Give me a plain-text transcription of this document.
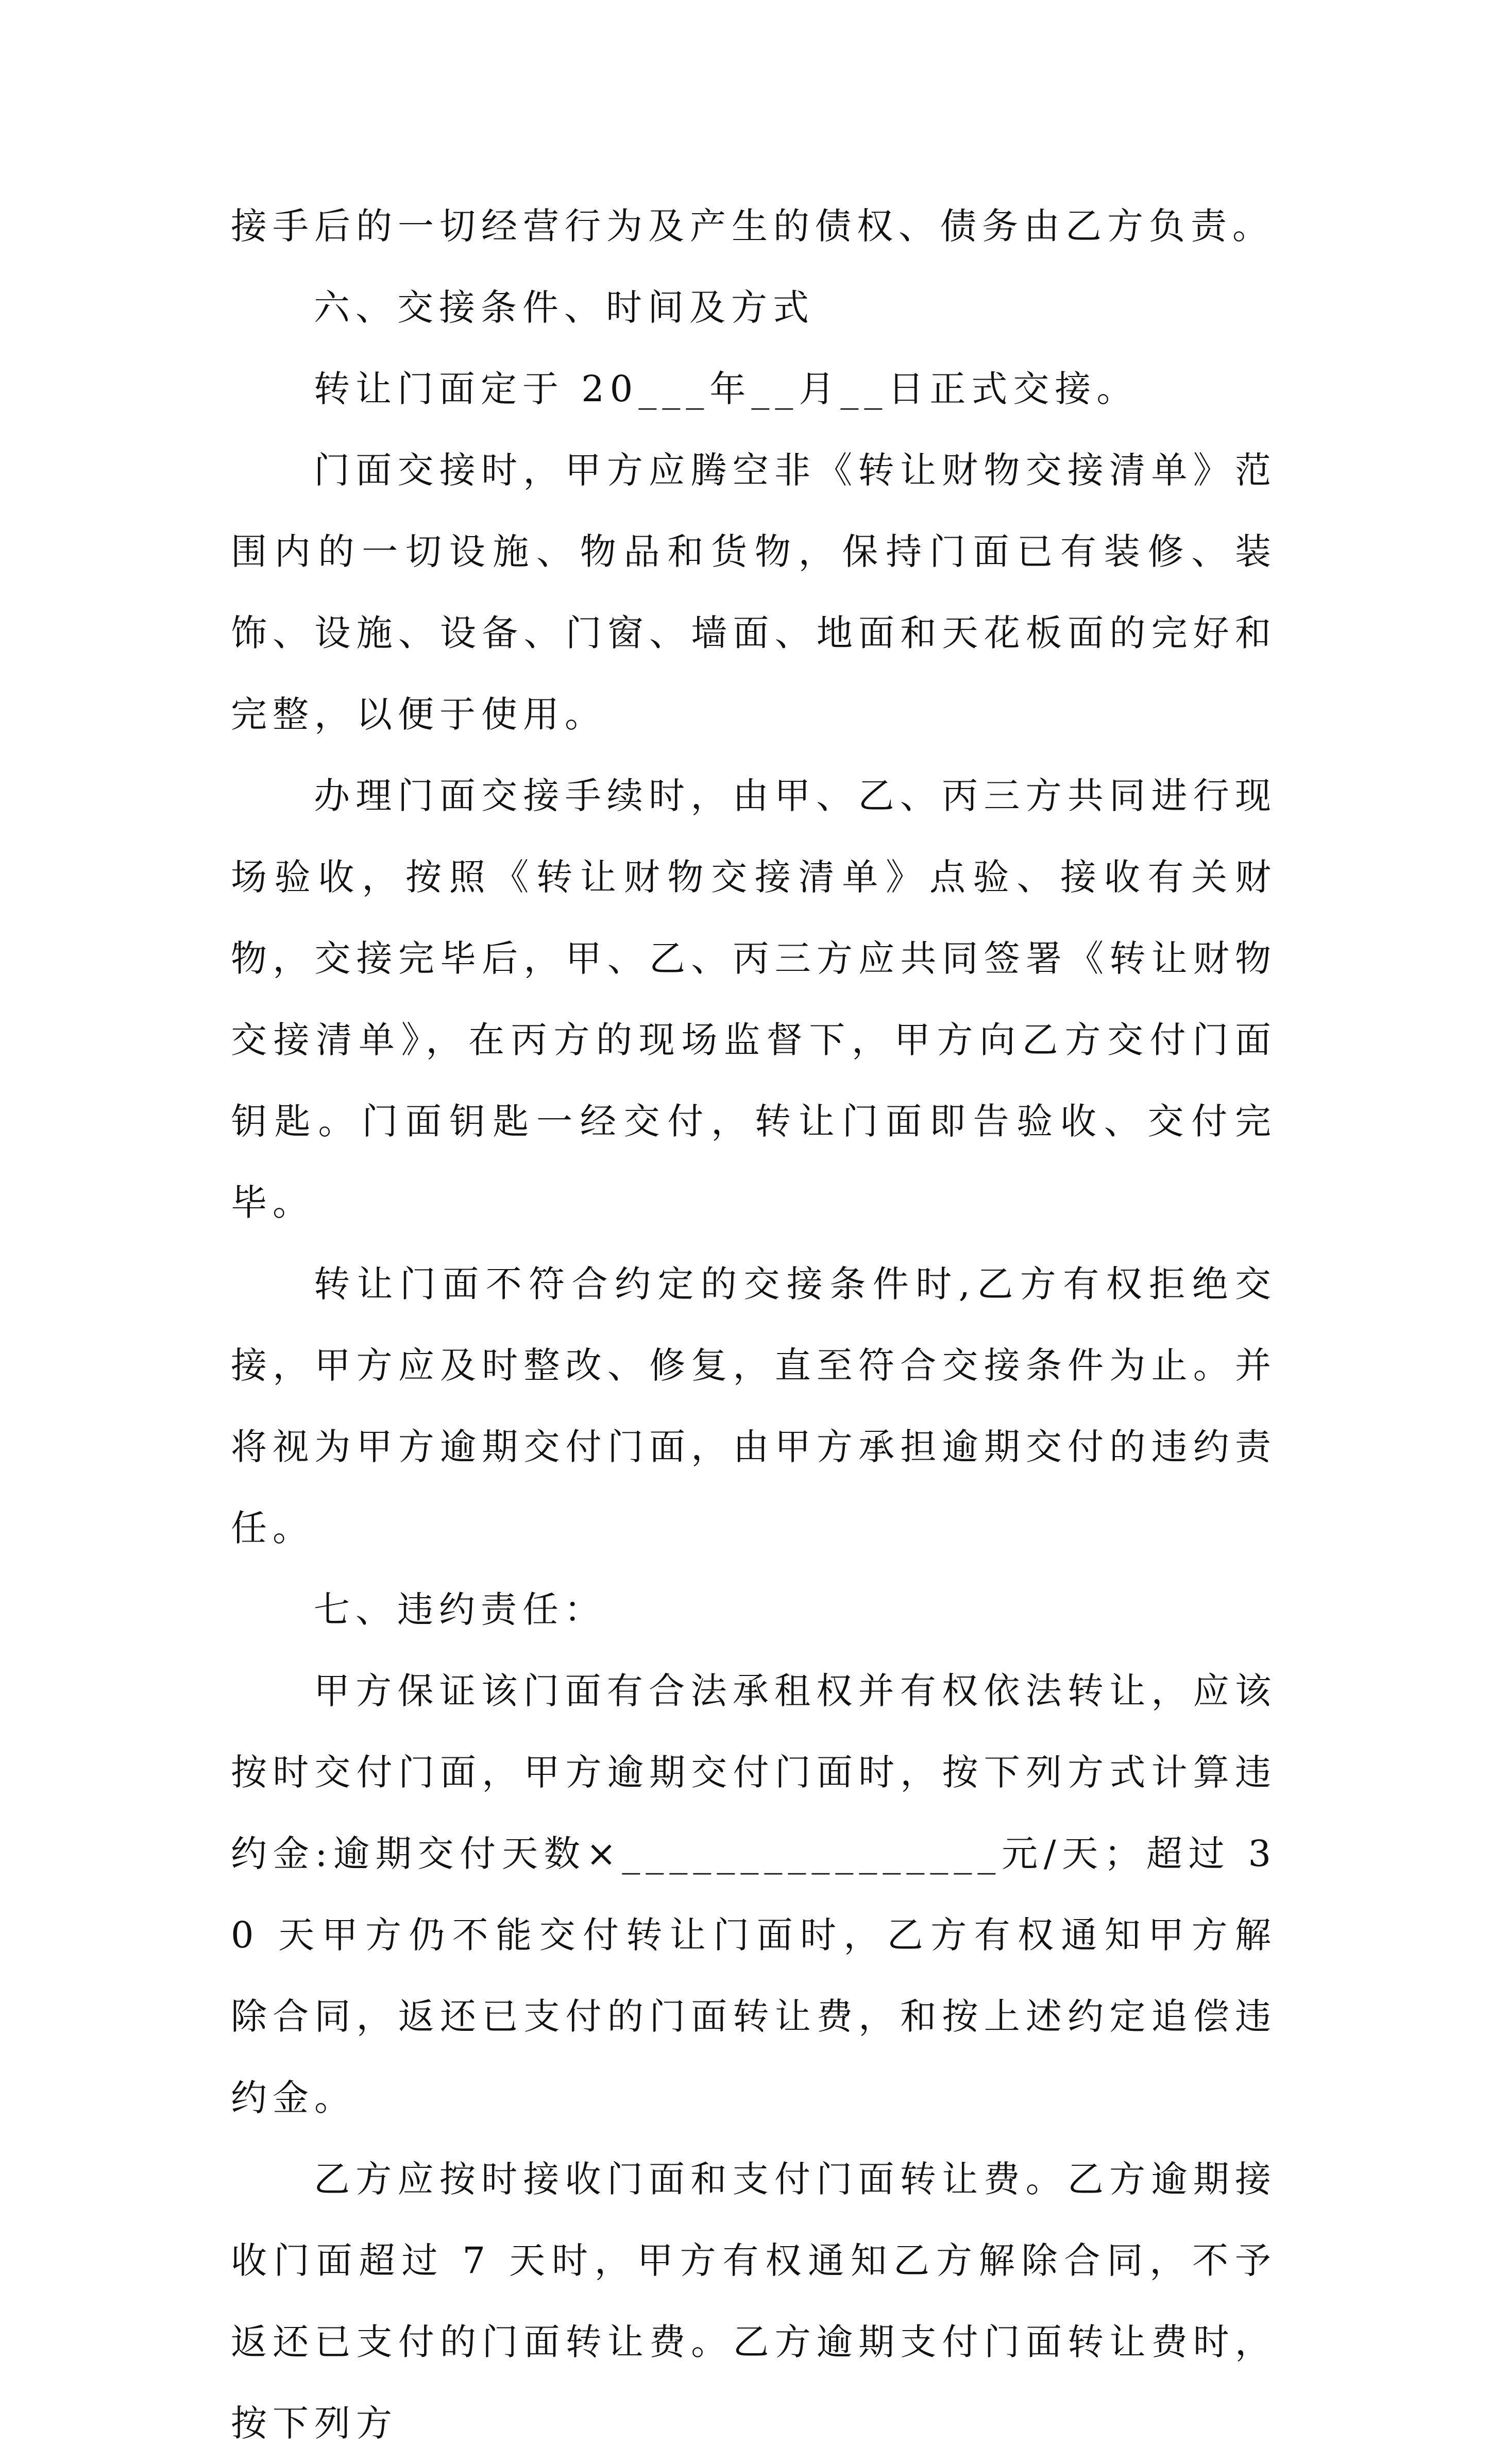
接手后的一切经营行为及产生的债权、债务由乙方负责。

六、交接条件、时间及方式

转让门面定于 20___年__月__日正式交接。

门面交接时，甲方应腾空非《转让财物交接清单》范围内的一切设施、物品和货物，保持门面已有装修、装饰、设施、设备、门窗、墙面、地面和天花板面的完好和完整，以便于使用。

办理门面交接手续时，由甲、乙、丙三方共同进行现场验收，按照《转让财物交接清单》点验、接收有关财物，交接完毕后，甲、乙、丙三方应共同签署《转让财物交接清单》，在丙方的现场监督下，甲方向乙方交付门面钥匙。门面钥匙一经交付，转让门面即告验收、交付完毕。

转让门面不符合约定的交接条件时,乙方有权拒绝交接，甲方应及时整改、修复，直至符合交接条件为止。并将视为甲方逾期交付门面，由甲方承担逾期交付的违约责任。

七、违约责任：

甲方保证该门面有合法承租权并有权依法转让，应该按时交付门面，甲方逾期交付门面时，按下列方式计算违约金:逾期交付天数×________________元/天；超过 30 天甲方仍不能交付转让门面时，乙方有权通知甲方解除合同，返还已支付的门面转让费，和按上述约定追偿违约金。

乙方应按时接收门面和支付门面转让费。乙方逾期接收门面超过 7 天时，甲方有权通知乙方解除合同，不予返还已支付的门面转让费。乙方逾期支付门面转让费时，按下列方
